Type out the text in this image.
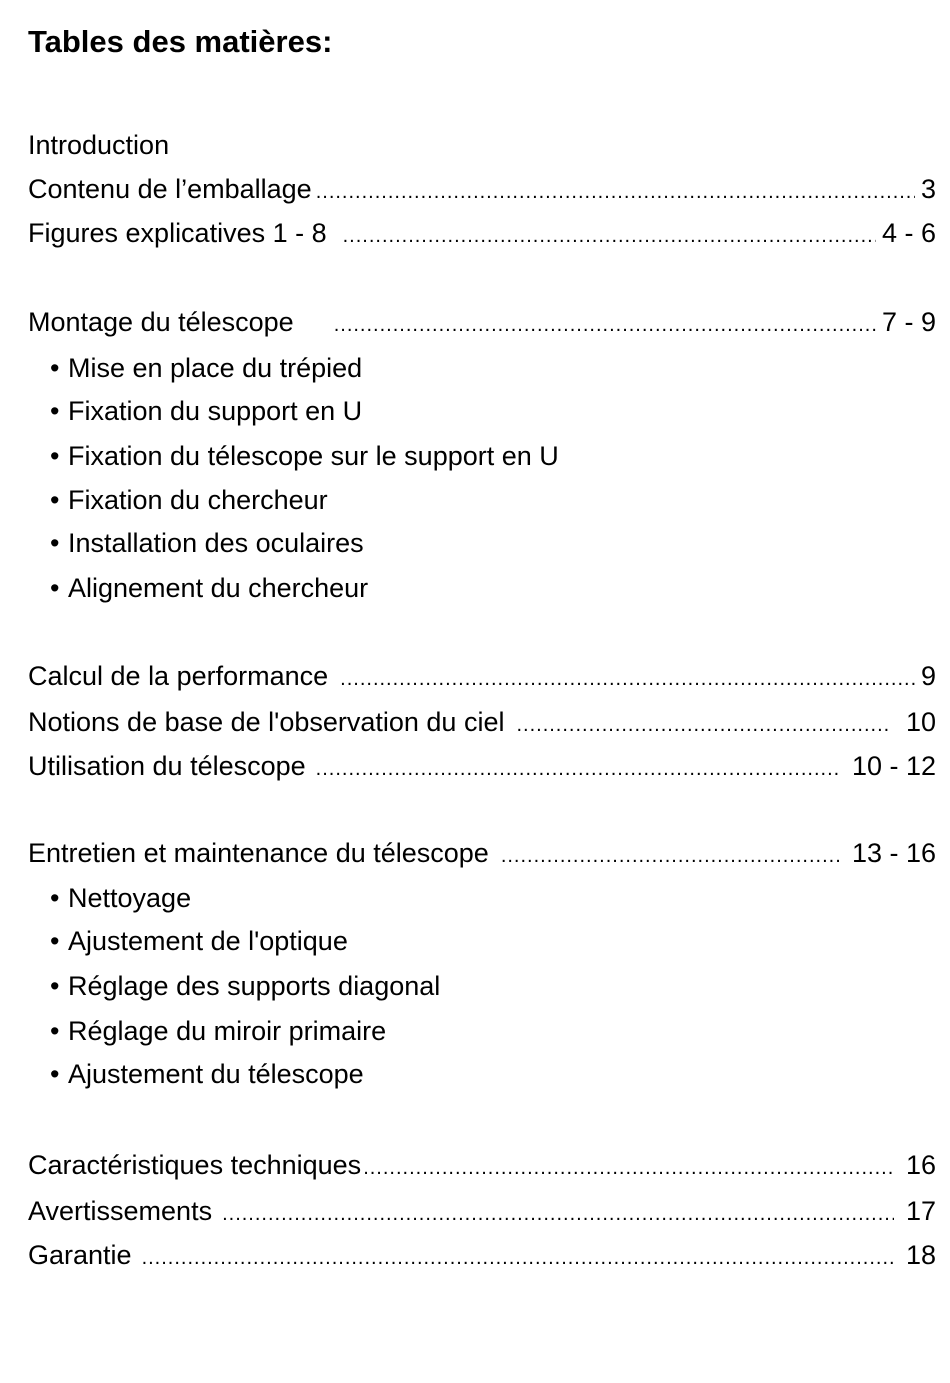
Tables des matières:
Introduction
Contenu de l’emballage .....	3
Figures explicatives 1 - 8 .....	4 - 6
Montage du télescope .....	7 - 9
• Mise en place du trépied
• Fixation du support en U
• Fixation du télescope sur le support en U
• Fixation du chercheur
• Installation des oculaires
• Alignement du chercheur
Calcul de la performance .....	9
Notions de base de l'observation du ciel .....	10
Utilisation du télescope .....	10 - 12
Entretien et maintenance du télescope .....	13 - 16
• Nettoyage
• Ajustement de l'optique
• Réglage des supports diagonal
• Réglage du miroir primaire
• Ajustement du télescope
Caractéristiques techniques .....	16
Avertissements .....	17
Garantie .....	18
